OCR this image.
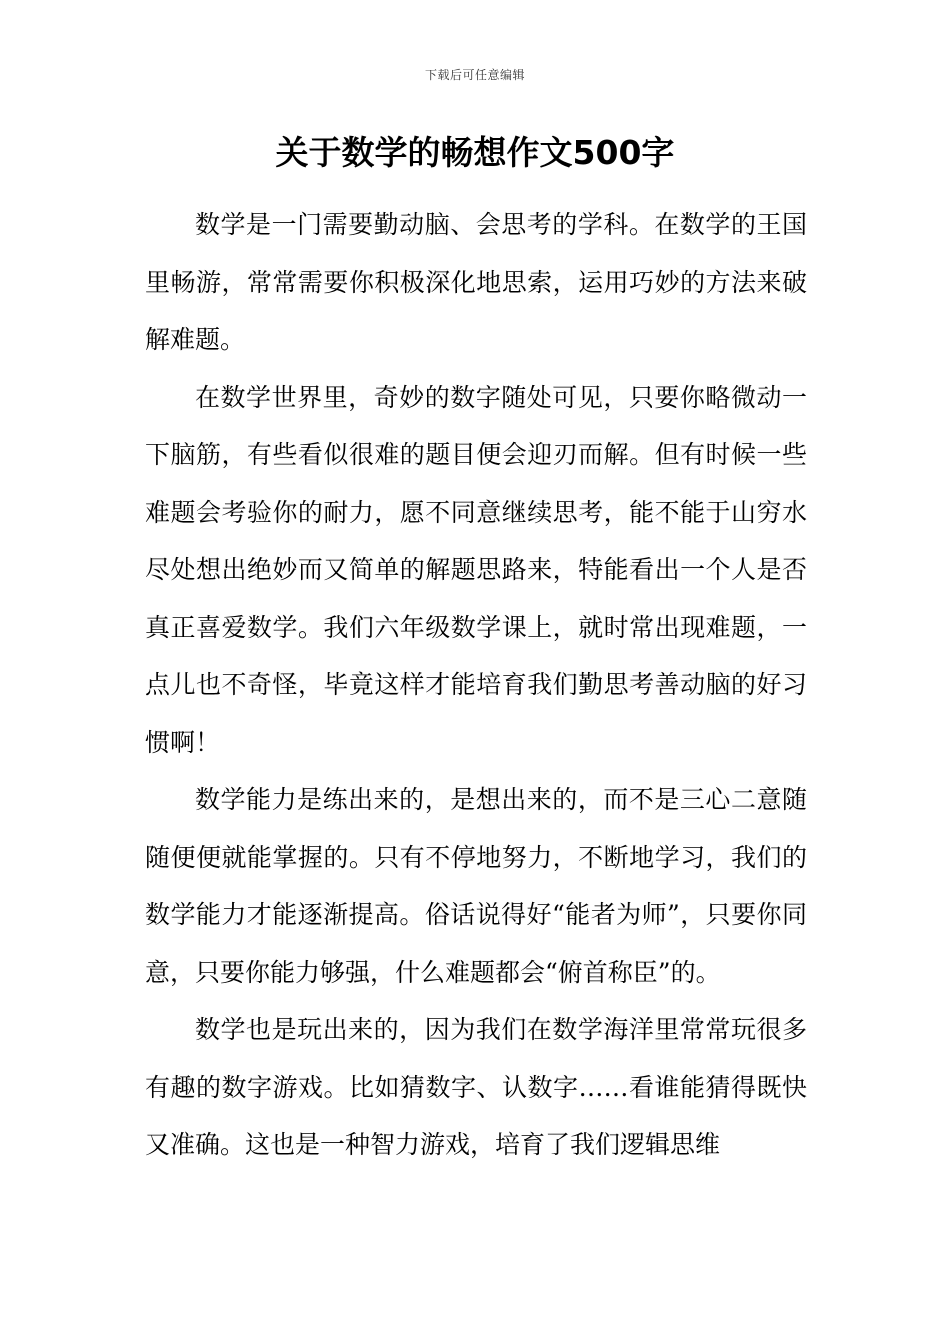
下载后可任意编辑
关于数学的畅想作文500字

数学是一门需要勤动脑、会思考的学科。在数学的王国里畅游，常常需要你积极深化地思索，运用巧妙的方法来破解难题。

在数学世界里，奇妙的数字随处可见，只要你略微动一下脑筋，有些看似很难的题目便会迎刃而解。但有时候一些难题会考验你的耐力，愿不同意继续思考，能不能于山穷水尽处想出绝妙而又简单的解题思路来，特能看出一个人是否真正喜爱数学。我们六年级数学课上，就时常出现难题，一点儿也不奇怪，毕竟这样才能培育我们勤思考善动脑的好习惯啊！

数学能力是练出来的，是想出来的，而不是三心二意随随便便就能掌握的。只有不停地努力，不断地学习，我们的数学能力才能逐渐提高。俗话说得好“能者为师”，只要你同意，只要你能力够强，什么难题都会“俯首称臣”的。

数学也是玩出来的，因为我们在数学海洋里常常玩很多有趣的数字游戏。比如猜数字、认数字……看谁能猜得既快又准确。这也是一种智力游戏，培育了我们逻辑思维
